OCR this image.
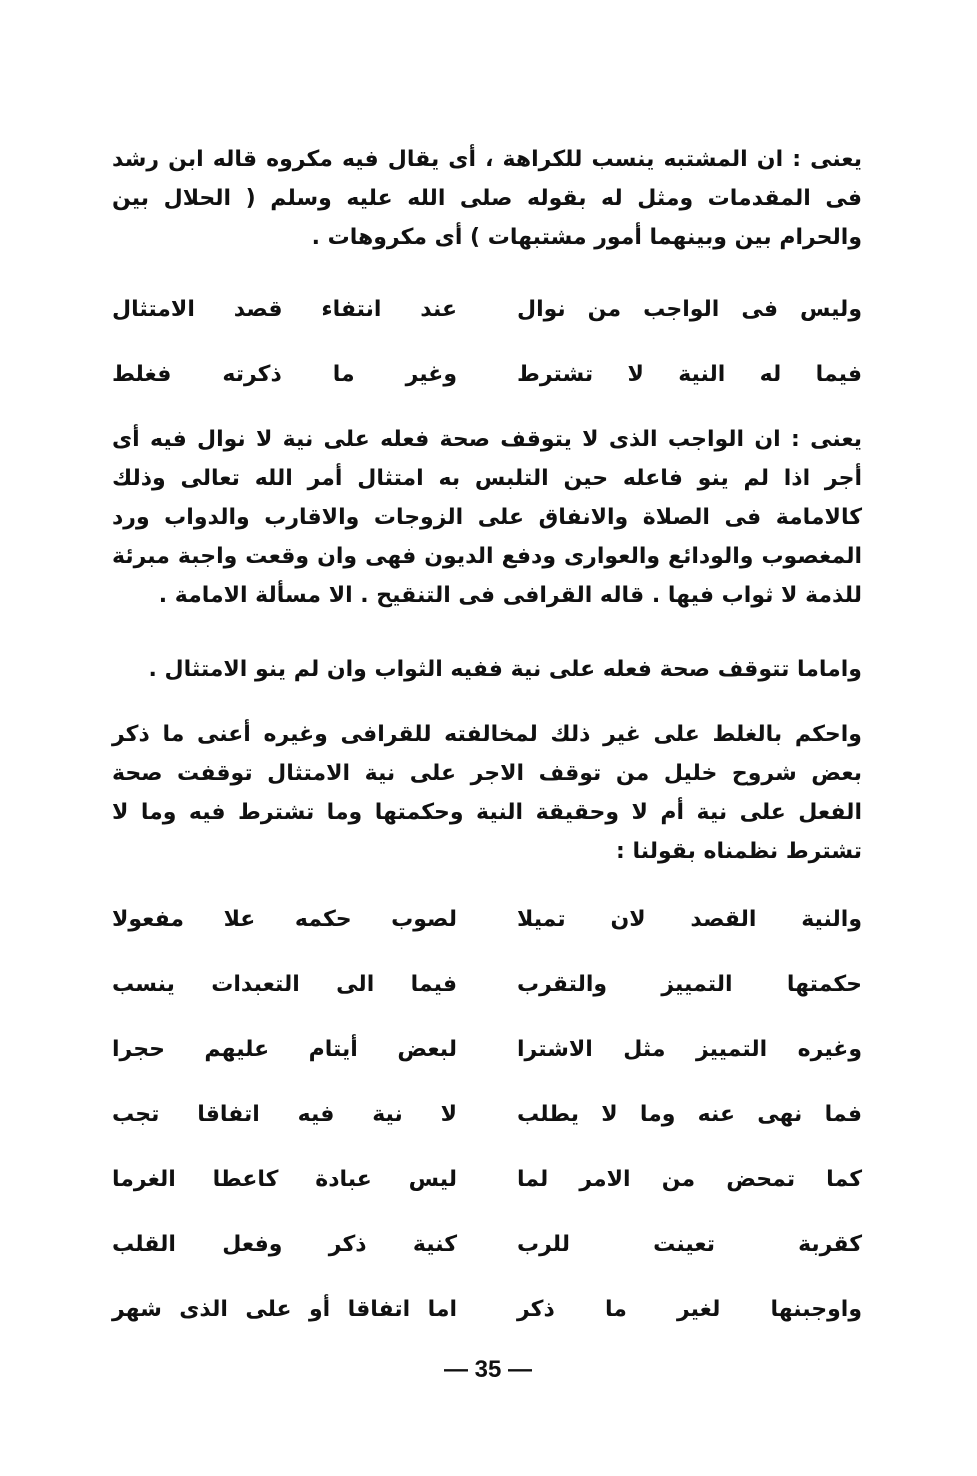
يعنى : ان المشتبه ينسب للكراهة ، أى يقال فيه مكروه قاله ابن رشد فى المقدمات ومثل له بقوله صلى الله عليه وسلم ( الحلال بين والحرام بين وبينهما أمور مشتبهات ) أى مكروهات .

وليس فى الواجب من نوال
عند انتفاء قصد الامتثال
فيما له النية لا تشترط
وغير ما ذكرته فغلط

يعنى : ان الواجب الذى لا يتوقف صحة فعله على نية لا نوال فيه أى أجر اذا لم ينو فاعله حين التلبس به امتثال أمر الله تعالى وذلك كالامامة فى الصلاة والانفاق على الزوجات والاقارب والدواب ورد المغصوب والودائع والعوارى ودفع الديون فهى وان وقعت واجبة مبرئة للذمة لا ثواب فيها . قاله القرافى فى التنقيح . الا مسألة الامامة .

واماما تتوقف صحة فعله على نية ففيه الثواب وان لم ينو الامتثال .

واحكم بالغلط على غير ذلك لمخالفته للقرافى وغيره أعنى ما ذكر بعض شروح خليل من توقف الاجر على نية الامتثال توقفت صحة الفعل على نية أم لا وحقيقة النية وحكمتها وما تشترط فيه وما لا تشترط نظمناه بقولنا :

والنية القصد لان تميلا
لصوب حكمه علا مفعولا
حكمتها التمييز والتقرب
فيما الى التعبدات ينسب
وغيره التمييز مثل الاشترا
لبعض أيتام عليهم حجرا
فما نهى عنه وما لا يطلب
لا نية فيه اتفاقا تجب
كما تمحض من الامر لما
ليس عبادة كاعطا الغرما
كقربة تعينت للرب
كنية ذكر وفعل القلب
واوجبنها لغير ما ذكر
اما اتفاقا أو على الذى شهر
— 35 —
